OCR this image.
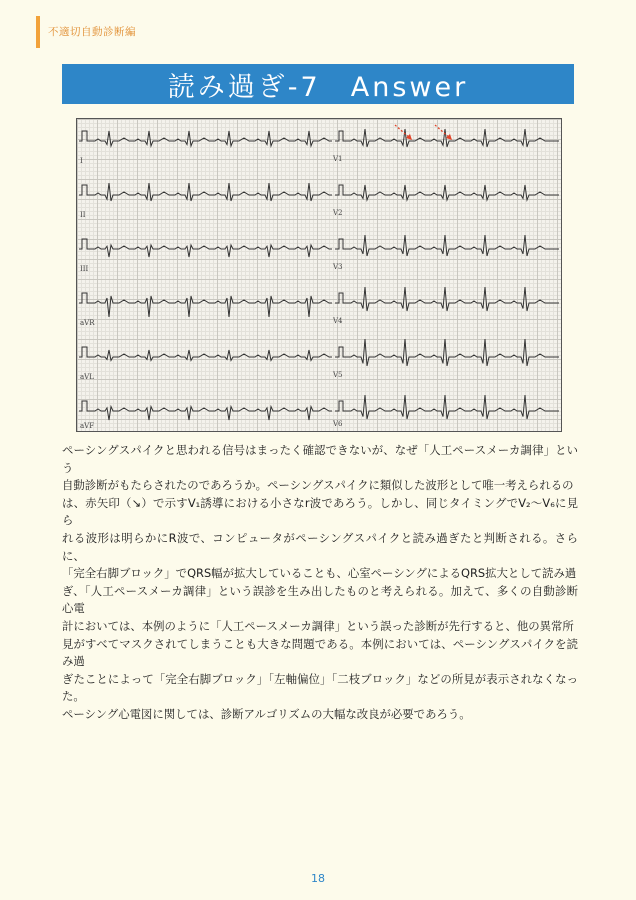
不適切自動診断編
読み過ぎ-7　Answer
I
II
III
aVR
aVL
aVF
V1
V2
V3
V4
V5
V6

ペーシングスパイクと思われる信号はまったく確認できないが、なぜ「人工ペースメーカ調律」という

自動診断がもたらされたのであろうか。ペーシングスパイクに類似した波形として唯一考えられるの

は、赤矢印（↘）で示すV₁誘導における小さなr波であろう。しかし、同じタイミングでV₂〜V₆に見ら

れる波形は明らかにR波で、コンピュータがペーシングスパイクと読み過ぎたと判断される。さらに、

「完全右脚ブロック」でQRS幅が拡大していることも、心室ペーシングによるQRS拡大として読み過

ぎ、「人工ペースメーカ調律」という誤診を生み出したものと考えられる。加えて、多くの自動診断心電

計においては、本例のように「人工ペースメーカ調律」という誤った診断が先行すると、他の異常所

見がすべてマスクされてしまうことも大きな問題である。本例においては、ペーシングスパイクを読み過

ぎたことによって「完全右脚ブロック」「左軸偏位」「二枝ブロック」などの所見が表示されなくなった。

ペーシング心電図に関しては、診断アルゴリズムの大幅な改良が必要であろう。

18
